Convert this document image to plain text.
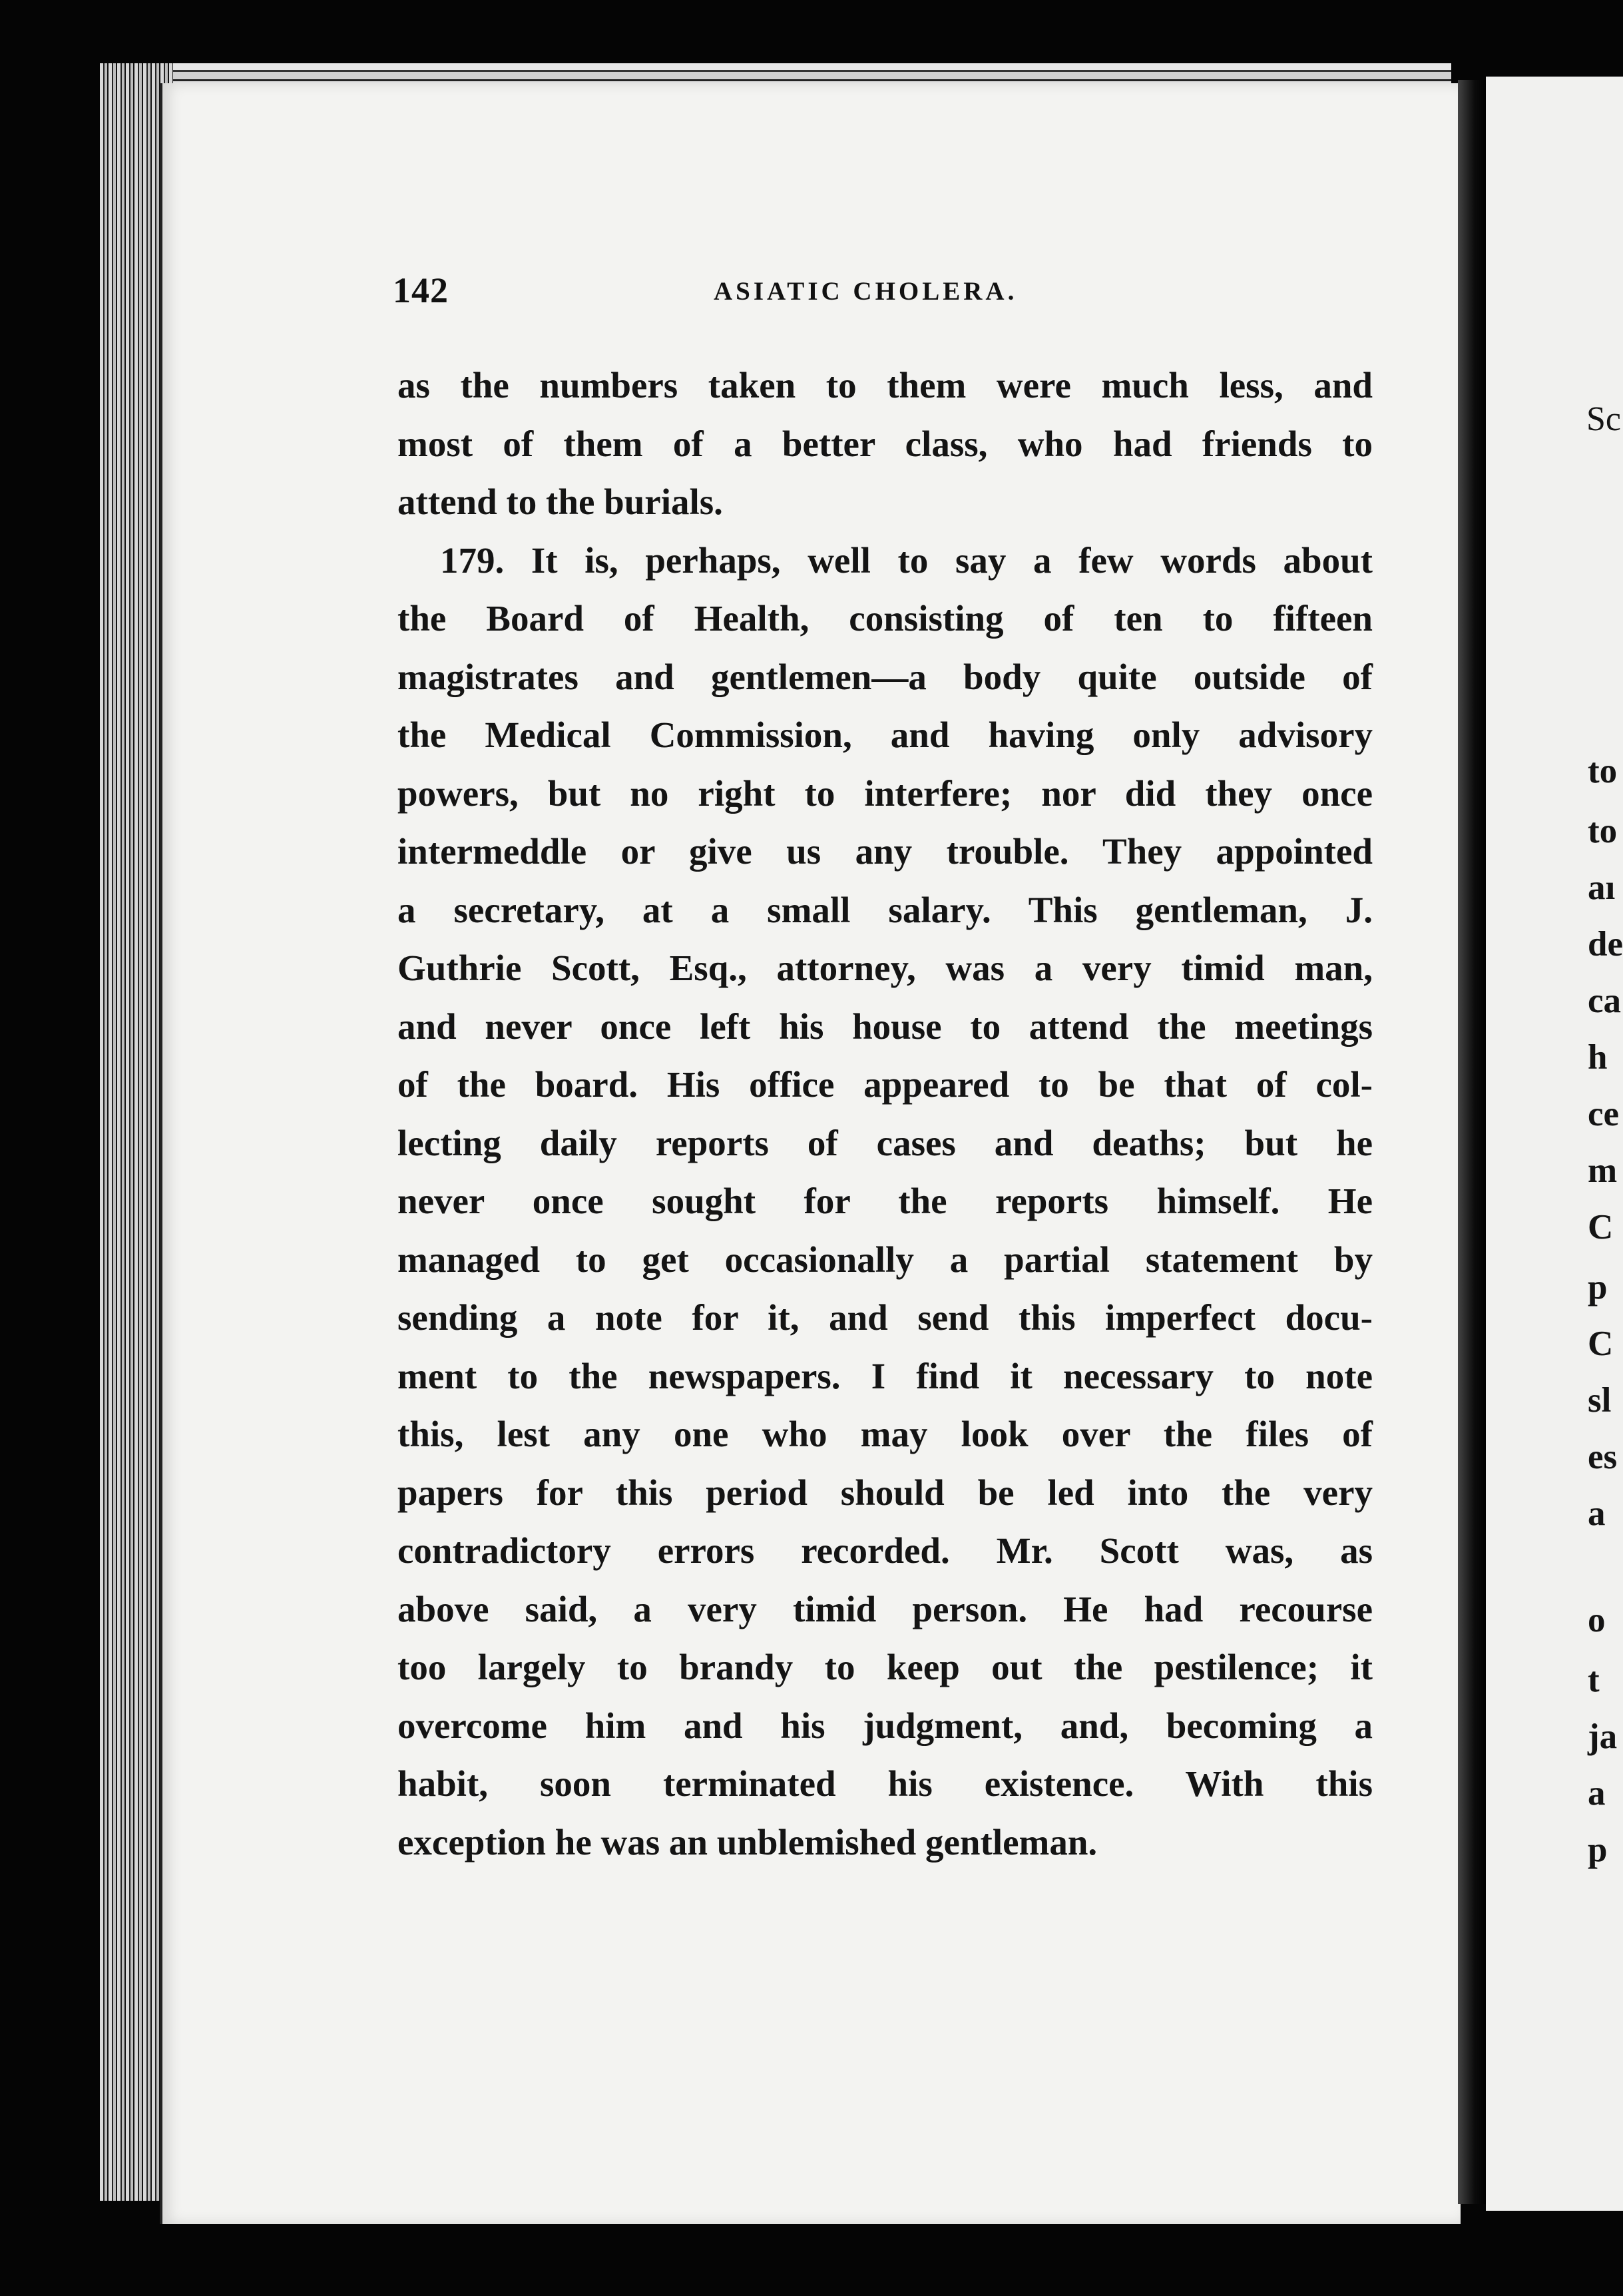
142	ASIATIC CHOLERA.
as the numbers taken to them were much less, and
most of them of a better class, who had friends to
attend to the burials.
179. It is, perhaps, well to say a few words about
the Board of Health, consisting of ten to fifteen
magistrates and gentlemen—a body quite outside of
the Medical Commission, and having only advisory
powers, but no right to interfere; nor did they once
intermeddle or give us any trouble. They appointed
a secretary, at a small salary. This gentleman, J.
Guthrie Scott, Esq., attorney, was a very timid man,
and never once left his house to attend the meetings
of the board. His office appeared to be that of col-
lecting daily reports of cases and deaths; but he
never once sought for the reports himself. He
managed to get occasionally a partial statement by
sending a note for it, and send this imperfect docu-
ment to the newspapers. I find it necessary to note
this, lest any one who may look over the files of
papers for this period should be led into the very
contradictory errors recorded. Mr. Scott was, as
above said, a very timid person. He had recourse
too largely to brandy to keep out the pestilence; it
overcome him and his judgment, and, becoming a
habit, soon terminated his existence. With this
exception he was an unblemished gentleman.
Sc
to
to
aı
de
ca
h
ce
m
C
p
C
sl
es
a
o
t
ja
a
p
